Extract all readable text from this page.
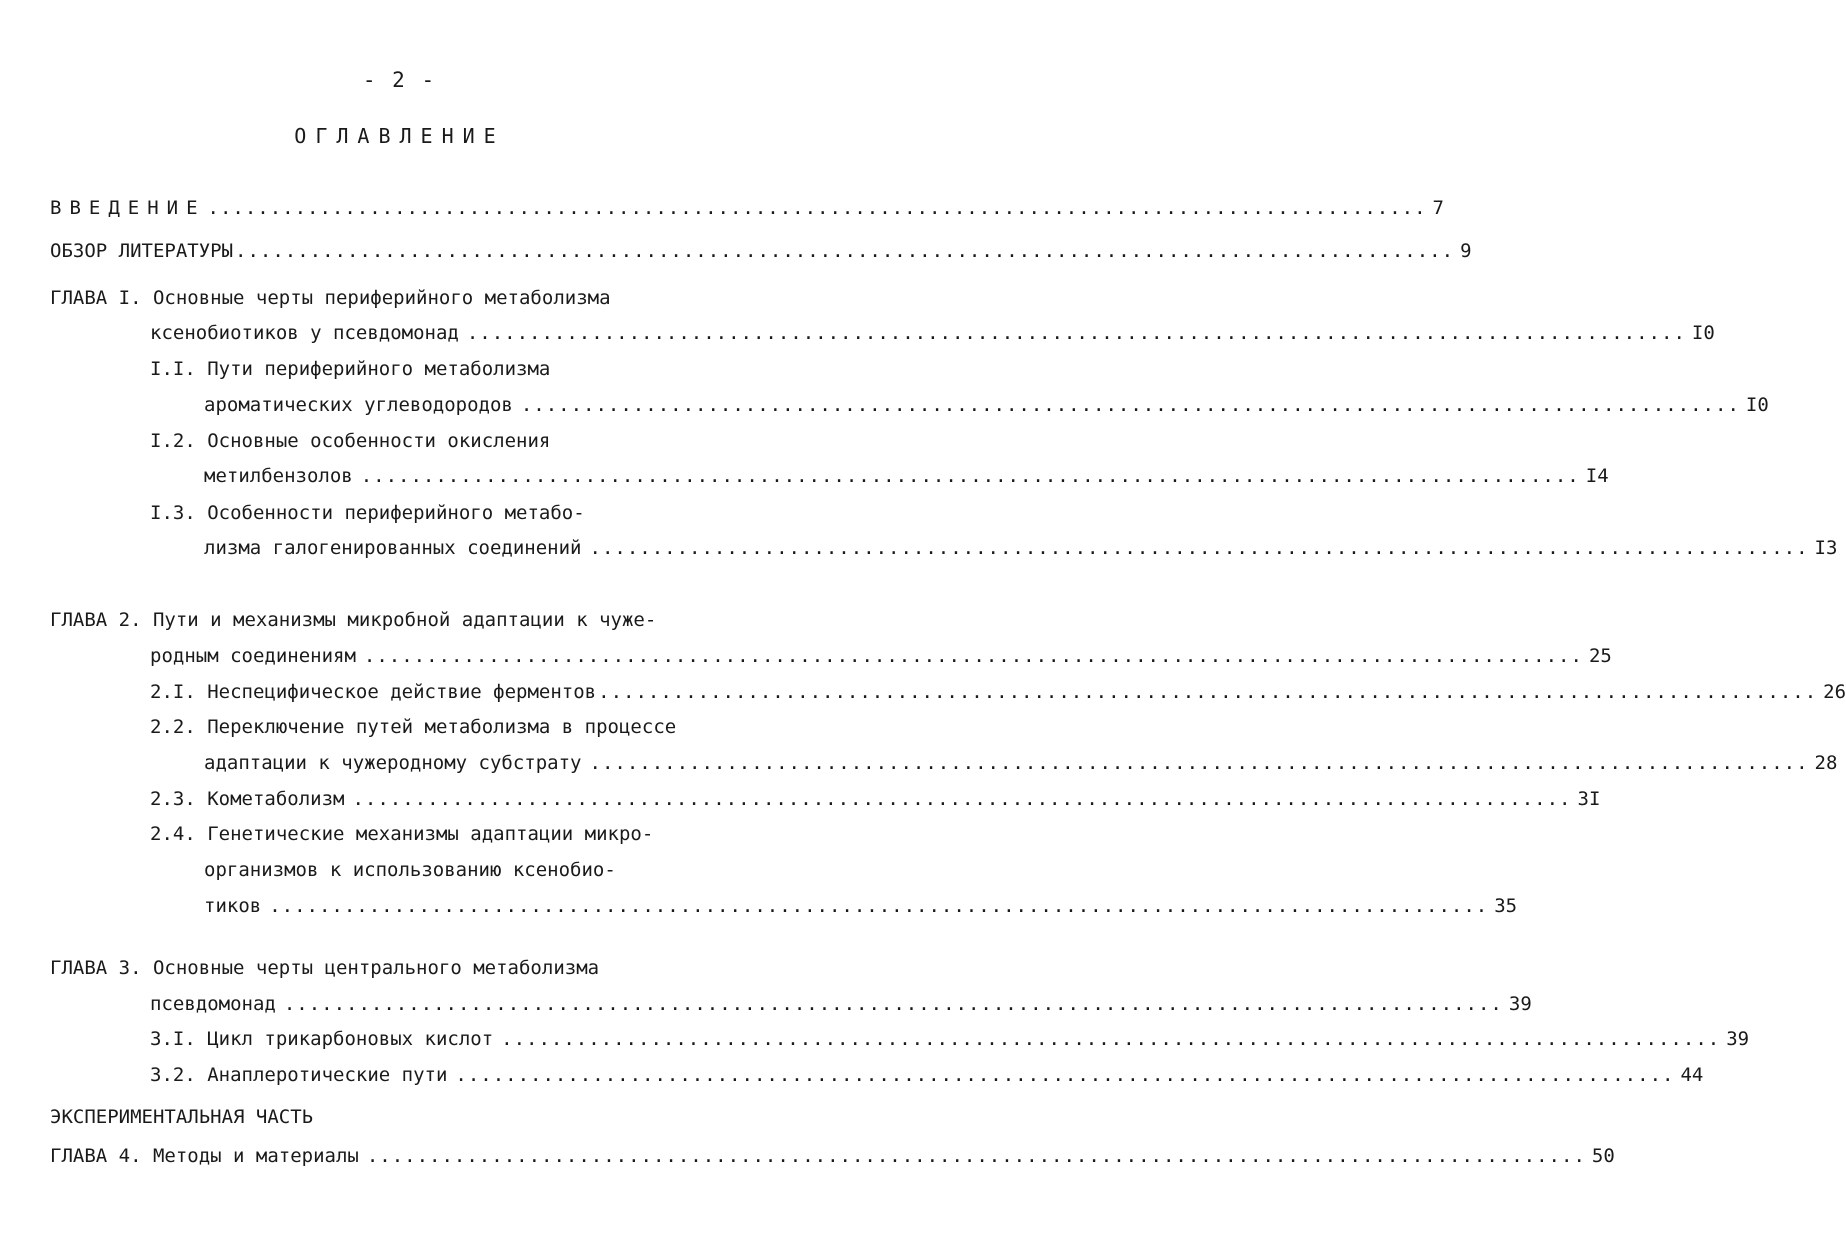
- 2 -
ОГЛАВЛЕНИЕ
ВВЕДЕНИЕ .................................................................................................. 7
ОБЗОР ЛИТЕРАТУРЫ .................................................................................................. 9
ГЛАВА I. Основные черты периферийного метаболизма
ксенобиотиков у псевдомонад .................................................................................................. I0
I.I. Пути периферийного метаболизма
ароматических углеводородов .................................................................................................. I0
I.2. Основные особенности окисления
метилбензолов .................................................................................................. I4
I.3. Особенности периферийного метабо-
лизма галогенированных соединений .................................................................................................. I3
ГЛАВА 2. Пути и механизмы микробной адаптации к чуже-
родным соединениям .................................................................................................. 25
2.I. Неспецифическое действие ферментов .................................................................................................. 26
2.2. Переключение путей метаболизма в процессе
адаптации к чужеродному субстрату .................................................................................................. 28
2.3. Кометаболизм .................................................................................................. 3I
2.4. Генетические механизмы адаптации микро-
организмов к использованию ксенобио-
тиков .................................................................................................. 35
ГЛАВА 3. Основные черты центрального метаболизма
псевдомонад .................................................................................................. 39
3.I. Цикл трикарбоновых кислот .................................................................................................. 39
3.2. Анаплеротические пути .................................................................................................. 44
ЭКСПЕРИМЕНТАЛЬНАЯ ЧАСТЬ
ГЛАВА 4. Методы и материалы .................................................................................................. 50
